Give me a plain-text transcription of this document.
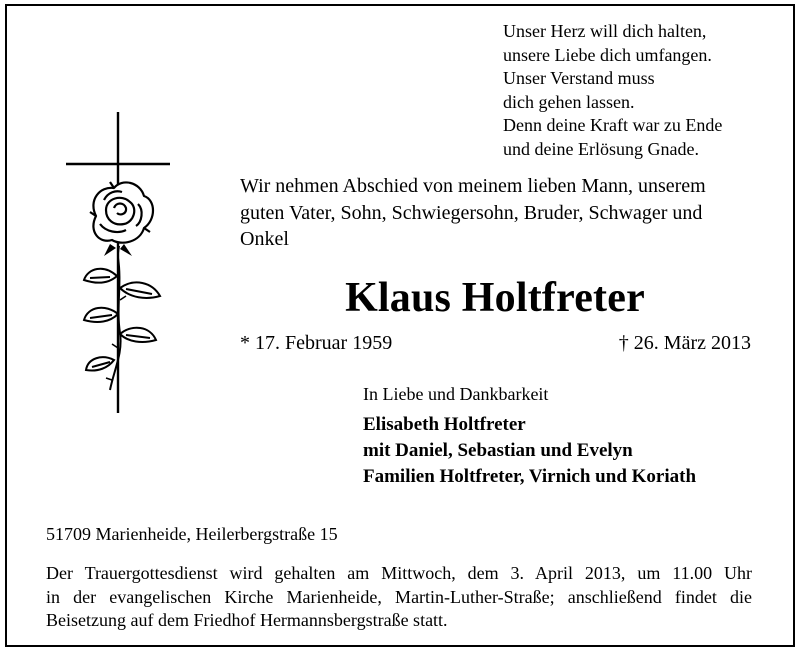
Unser Herz will dich halten,
unsere Liebe dich umfangen.
Unser Verstand muss
dich gehen lassen.
Denn deine Kraft war zu Ende
und deine Erlösung Gnade.
Wir nehmen Abschied von meinem lieben Mann, unserem
guten Vater, Sohn, Schwiegersohn, Bruder, Schwager und
Onkel
Klaus Holtfreter
* 17. Februar 1959	† 26. März 2013
In Liebe und Dankbarkeit
Elisabeth Holtfreter
mit Daniel, Sebastian und Evelyn
Familien Holtfreter, Virnich und Koriath
51709 Marienheide, Heilerbergstraße 15
Der Trauergottesdienst wird gehalten am Mittwoch, dem 3. April 2013, um 11.00 Uhr
in der evangelischen Kirche Marienheide, Martin-Luther-Straße; anschließend findet die
Beisetzung auf dem Friedhof Hermannsbergstraße statt.
